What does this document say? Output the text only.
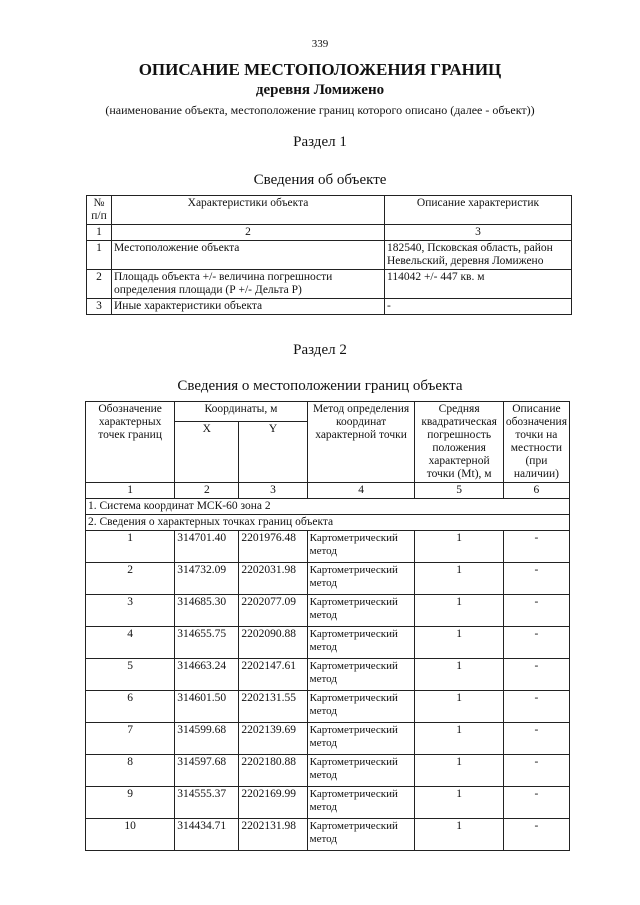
339
ОПИСАНИЕ МЕСТОПОЛОЖЕНИЯ ГРАНИЦ
деревня Ломижено
(наименование объекта, местоположение границ которого описано (далее - объект))
Раздел 1
Сведения об объекте
№ п/п	Характеристики объекта	Описание характеристик
1	2	3
1	Местоположение объекта	182540, Псковская область, район Невельский, деревня Ломижено
2	Площадь объекта +/- величина погрешности определения площади (Р +/- Дельта Р)	114042 +/- 447 кв. м
3	Иные характеристики объекта	-
Раздел 2
Сведения о местоположении границ объекта
Обозначение характерных точек границ	Координаты, м		Метод определения координат характерной точки	Средняя квадратическая погрешность положения характерной точки (Mt), м	Описание обозначения точки на местности (при наличии)
	X	Y			
1	2	3	4	5	6
1. Система координат МСК-60 зона 2					
2. Сведения о характерных точках границ объекта					
1	314701.40	2201976.48	Картометрический метод	1	-
2	314732.09	2202031.98	Картометрический метод	1	-
3	314685.30	2202077.09	Картометрический метод	1	-
4	314655.75	2202090.88	Картометрический метод	1	-
5	314663.24	2202147.61	Картометрический метод	1	-
6	314601.50	2202131.55	Картометрический метод	1	-
7	314599.68	2202139.69	Картометрический метод	1	-
8	314597.68	2202180.88	Картометрический метод	1	-
9	314555.37	2202169.99	Картометрический метод	1	-
10	314434.71	2202131.98	Картометрический метод	1	-
